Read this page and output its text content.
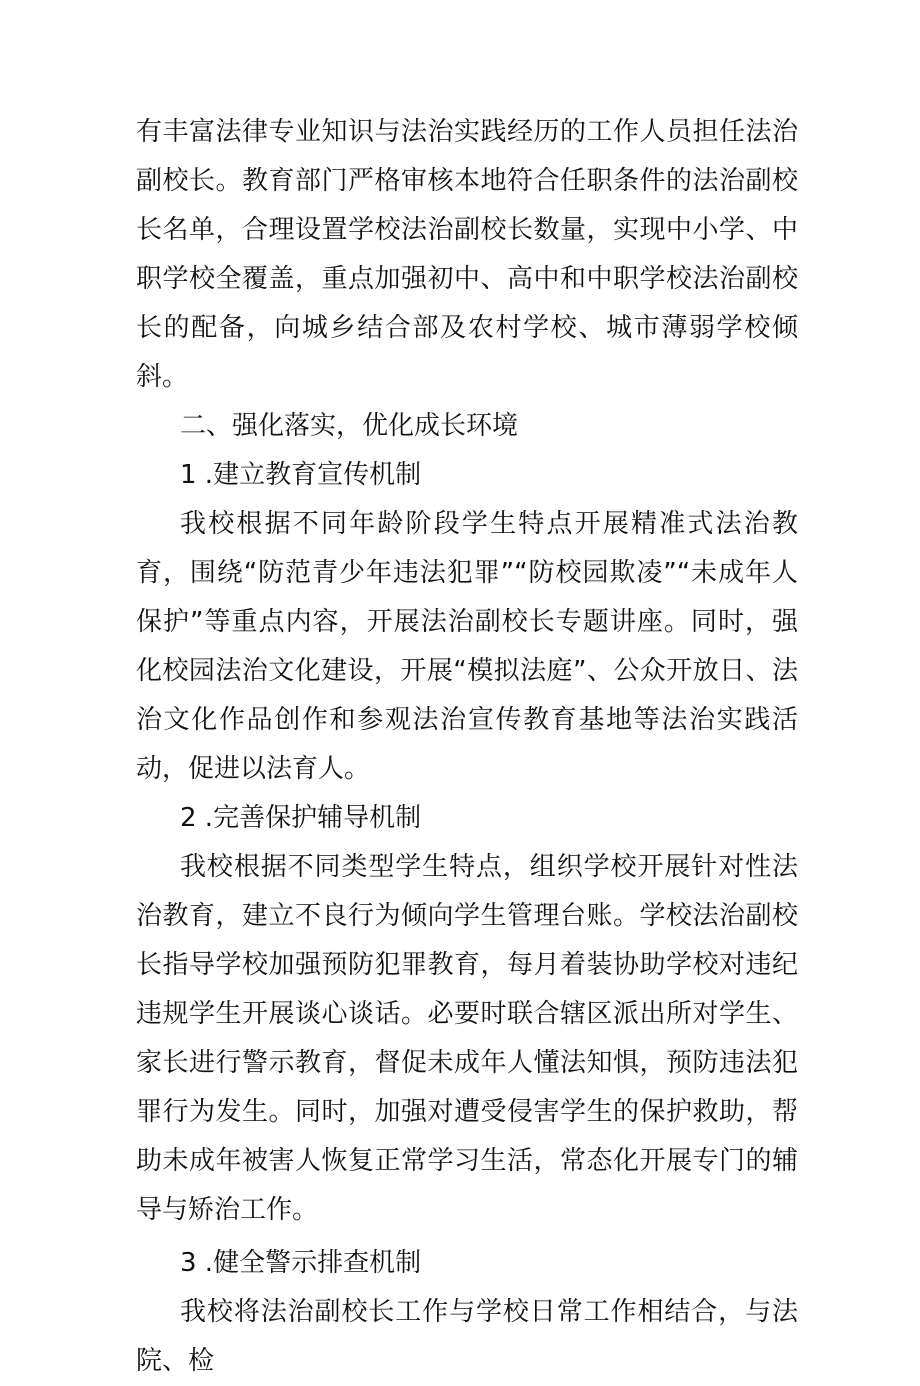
有丰富法律专业知识与法治实践经历的工作人员担任法治副校长。教育部门严格审核本地符合任职条件的法治副校长名单，合理设置学校法治副校长数量，实现中小学、中职学校全覆盖，重点加强初中、高中和中职学校法治副校长的配备，向城乡结合部及农村学校、城市薄弱学校倾斜。

二、强化落实，优化成长环境

1 .建立教育宣传机制

我校根据不同年龄阶段学生特点开展精准式法治教育，围绕“防范青少年违法犯罪”“防校园欺凌”“未成年人保护”等重点内容，开展法治副校长专题讲座。同时，强化校园法治文化建设，开展“模拟法庭”、公众开放日、法治文化作品创作和参观法治宣传教育基地等法治实践活动，促进以法育人。

2 .完善保护辅导机制

我校根据不同类型学生特点，组织学校开展针对性法治教育，建立不良行为倾向学生管理台账。学校法治副校长指导学校加强预防犯罪教育，每月着装协助学校对违纪违规学生开展谈心谈话。必要时联合辖区派出所对学生、家长进行警示教育，督促未成年人懂法知惧，预防违法犯罪行为发生。同时，加强对遭受侵害学生的保护救助，帮助未成年被害人恢复正常学习生活，常态化开展专门的辅导与矫治工作。

3 .健全警示排查机制

我校将法治副校长工作与学校日常工作相结合，与法院、检
